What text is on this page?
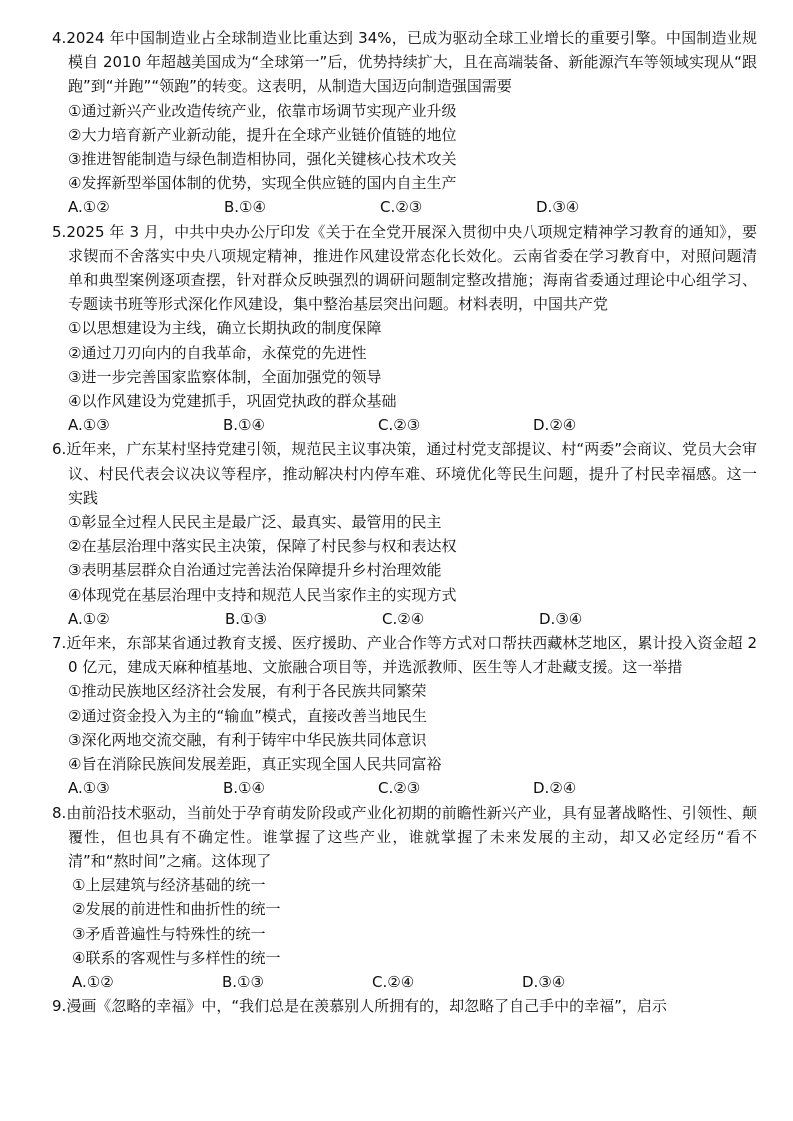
4.2024 年中国制造业占全球制造业比重达到 34%，已成为驱动全球工业增长的重要引擎。中国制造业规模自 2010 年超越美国成为“全球第一”后，优势持续扩大，且在高端装备、新能源汽车等领域实现从“跟跑”到“并跑”“领跑”的转变。这表明，从制造大国迈向制造强国需要
①通过新兴产业改造传统产业，依靠市场调节实现产业升级
②大力培育新产业新动能，提升在全球产业链价值链的地位
③推进智能制造与绿色制造相协同，强化关键核心技术攻关
④发挥新型举国体制的优势，实现全供应链的国内自主生产
A.①②	B.①④	C.②③	D.③④
5.2025 年 3 月，中共中央办公厅印发《关于在全党开展深入贯彻中央八项规定精神学习教育的通知》，要求锲而不舍落实中央八项规定精神，推进作风建设常态化长效化。云南省委在学习教育中，对照问题清单和典型案例逐项查摆，针对群众反映强烈的调研问题制定整改措施；海南省委通过理论中心组学习、专题读书班等形式深化作风建设，集中整治基层突出问题。材料表明，中国共产党
①以思想建设为主线，确立长期执政的制度保障
②通过刀刃向内的自我革命，永葆党的先进性
③进一步完善国家监察体制，全面加强党的领导
④以作风建设为党建抓手，巩固党执政的群众基础
A.①③	B.①④	C.②③	D.②④
6.近年来，广东某村坚持党建引领，规范民主议事决策，通过村党支部提议、村“两委”会商议、党员大会审议、村民代表会议决议等程序，推动解决村内停车难、环境优化等民生问题，提升了村民幸福感。这一实践
①彰显全过程人民民主是最广泛、最真实、最管用的民主
②在基层治理中落实民主决策，保障了村民参与权和表达权
③表明基层群众自治通过完善法治保障提升乡村治理效能
④体现党在基层治理中支持和规范人民当家作主的实现方式
A.①②	B.①③	C.②④	D.③④
7.近年来，东部某省通过教育支援、医疗援助、产业合作等方式对口帮扶西藏林芝地区，累计投入资金超 20 亿元，建成天麻种植基地、文旅融合项目等，并选派教师、医生等人才赴藏支援。这一举措
①推动民族地区经济社会发展，有利于各民族共同繁荣
②通过资金投入为主的“输血”模式，直接改善当地民生
③深化两地交流交融，有利于铸牢中华民族共同体意识
④旨在消除民族间发展差距，真正实现全国人民共同富裕
A.①③	B.①④	C.②③	D.②④
8.由前沿技术驱动，当前处于孕育萌发阶段或产业化初期的前瞻性新兴产业，具有显著战略性、引领性、颠覆性，但也具有不确定性。谁掌握了这些产业，谁就掌握了未来发展的主动，却又必定经历“看不清”和“熬时间”之痛。这体现了
①上层建筑与经济基础的统一
②发展的前进性和曲折性的统一
③矛盾普遍性与特殊性的统一
④联系的客观性与多样性的统一
A.①②	B.①③	C.②④	D.③④
9.漫画《忽略的幸福》中，“我们总是在羡慕别人所拥有的，却忽略了自己手中的幸福”，启示
